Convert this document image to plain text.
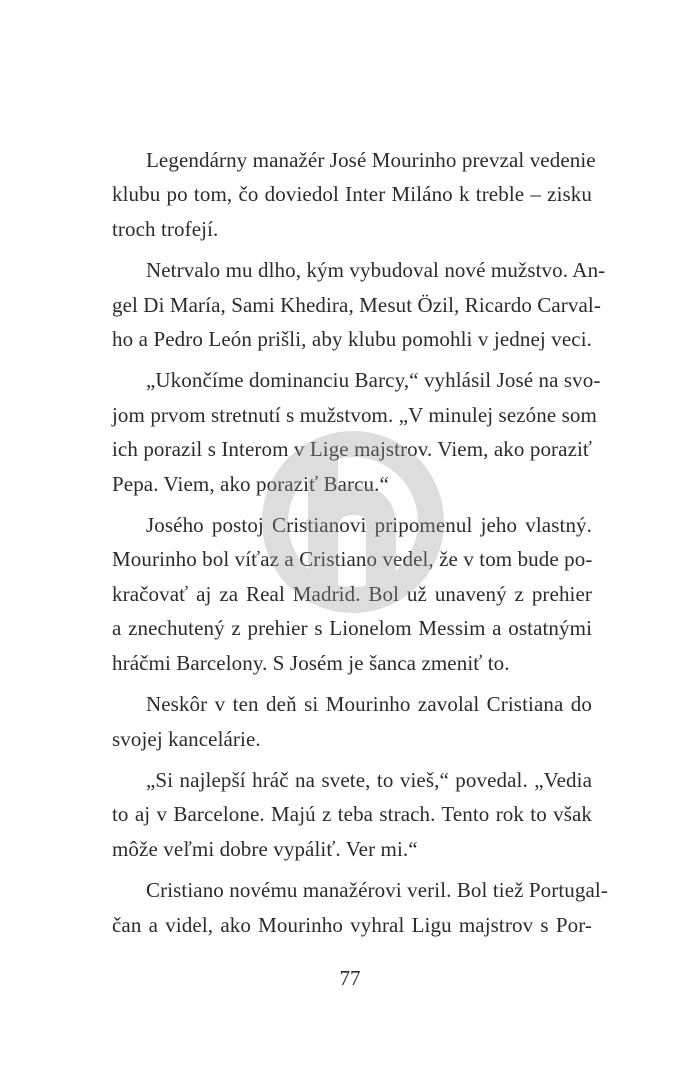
Legendárny manažér José Mourinho prevzal vedenie
klubu po tom, čo doviedol Inter Miláno k treble – zisku
troch trofejí.

Netrvalo mu dlho, kým vybudoval nové mužstvo. An-
gel Di María, Sami Khedira, Mesut Özil, Ricardo Carval-
ho a Pedro León prišli, aby klubu pomohli v jednej veci.

„Ukončíme dominanciu Barcy,“ vyhlásil José na svo-
jom prvom stretnutí s mužstvom. „V minulej sezóne som
ich porazil s Interom v Lige majstrov. Viem, ako poraziť
Pepa. Viem, ako poraziť Barcu.“

Josého postoj Cristianovi pripomenul jeho vlastný.
Mourinho bol víťaz a Cristiano vedel, že v tom bude po-
kračovať aj za Real Madrid. Bol už unavený z prehier
a znechutený z prehier s Lionelom Messim a ostatnými
hráčmi Barcelony. S Josém je šanca zmeniť to.

Neskôr v ten deň si Mourinho zavolal Cristiana do
svojej kancelárie.

„Si najlepší hráč na svete, to vieš,“ povedal. „Vedia
to aj v Barcelone. Majú z teba strach. Tento rok to však
môže veľmi dobre vypáliť. Ver mi.“

Cristiano novému manažérovi veril. Bol tiež Portugal-
čan a videl, ako Mourinho vyhral Ligu majstrov s Por-

77
